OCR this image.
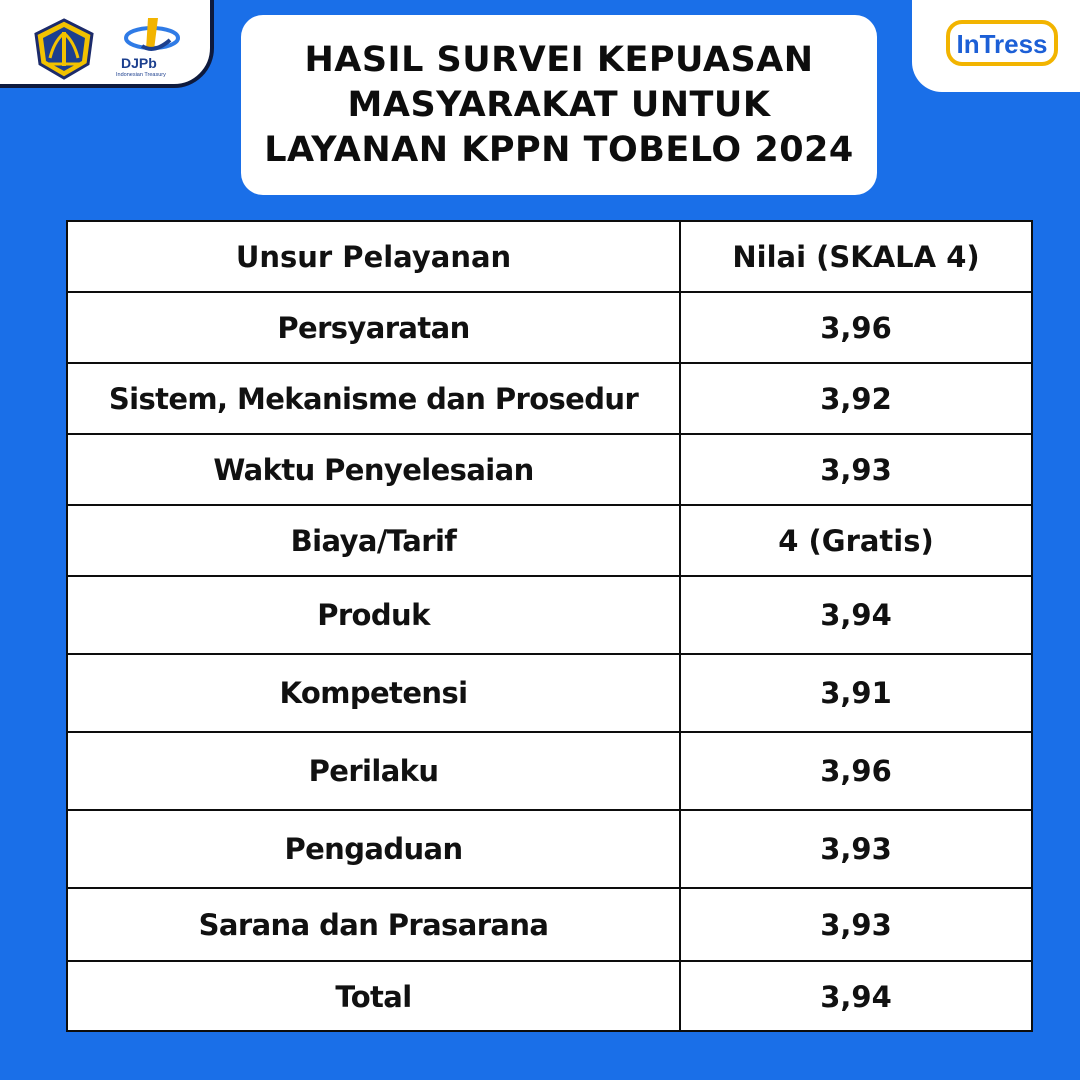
DJPb
Indonesian Treasury
InTress
HASIL SURVEI KEPUASAN
MASYARAKAT UNTUK
LAYANAN KPPN TOBELO 2024
Unsur Pelayanan	Nilai (SKALA 4)
Persyaratan	3,96
Sistem, Mekanisme dan Prosedur	3,92
Waktu Penyelesaian	3,93
Biaya/Tarif	4 (Gratis)
Produk	3,94
Kompetensi	3,91
Perilaku	3,96
Pengaduan	3,93
Sarana dan Prasarana	3,93
Total	3,94
